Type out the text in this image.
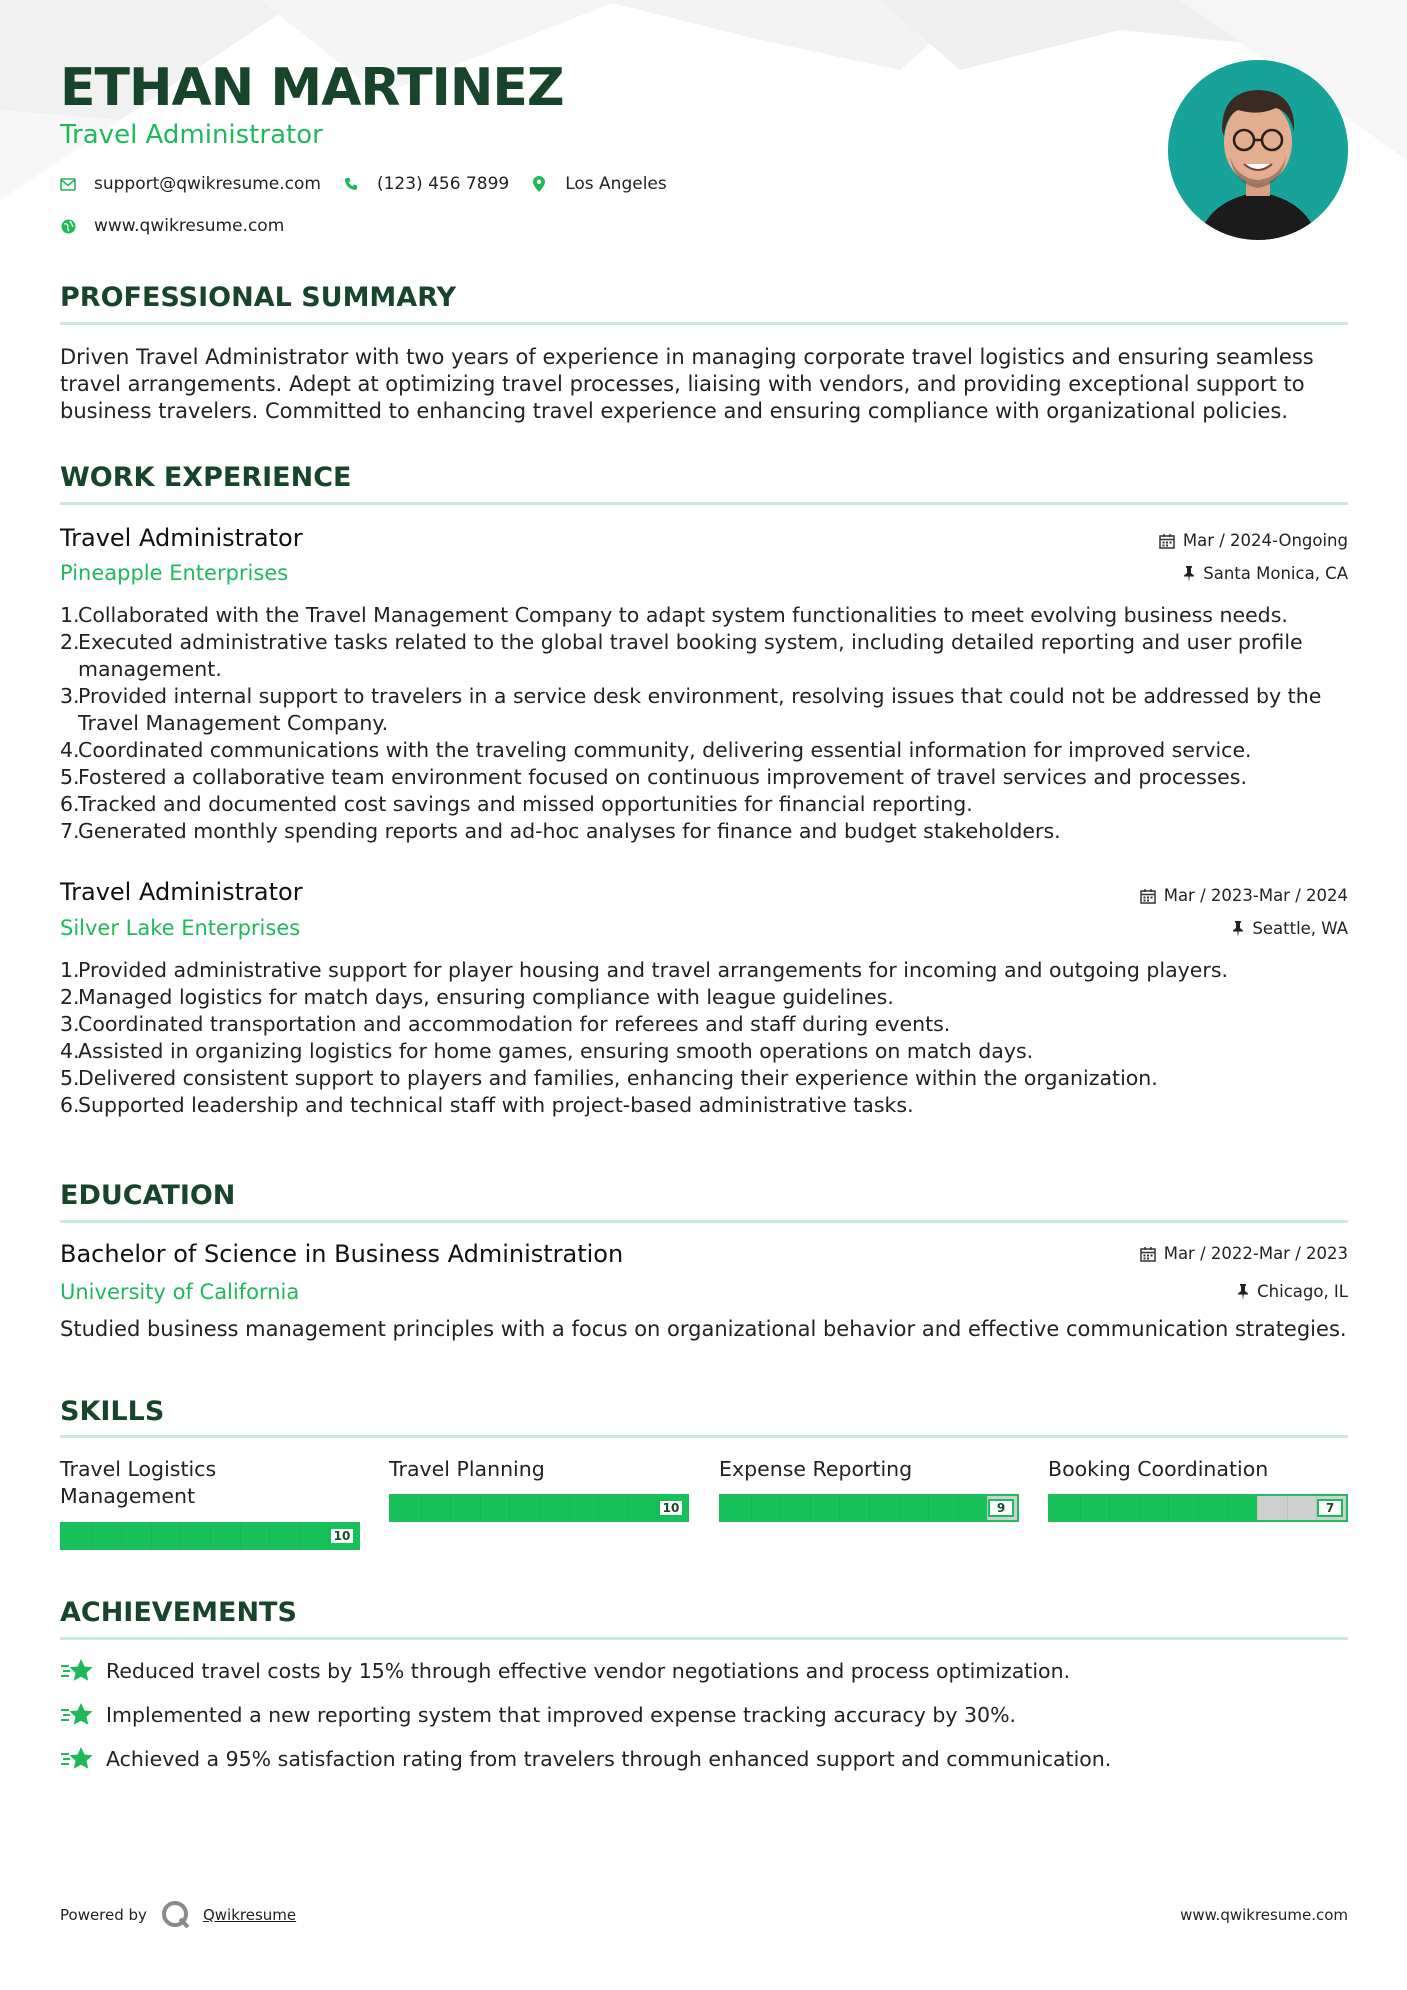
ETHAN MARTINEZ
Travel Administrator
support@qwikresume.com	(123) 456 7899	Los Angeles
www.qwikresume.com
PROFESSIONAL SUMMARY
Driven Travel Administrator with two years of experience in managing corporate travel logistics and ensuring seamless
travel arrangements. Adept at optimizing travel processes, liaising with vendors, and providing exceptional support to
business travelers. Committed to enhancing travel experience and ensuring compliance with organizational policies.
WORK EXPERIENCE
Travel Administrator
Pineapple Enterprises
Mar / 2024-Ongoing
Santa Monica, CA
1.
Collaborated with the Travel Management Company to adapt system functionalities to meet evolving business needs.
2.
Executed administrative tasks related to the global travel booking system, including detailed reporting and user profile
management.
3.
Provided internal support to travelers in a service desk environment, resolving issues that could not be addressed by the
Travel Management Company.
4.
Coordinated communications with the traveling community, delivering essential information for improved service.
5.
Fostered a collaborative team environment focused on continuous improvement of travel services and processes.
6.
Tracked and documented cost savings and missed opportunities for financial reporting.
7.
Generated monthly spending reports and ad-hoc analyses for finance and budget stakeholders.
Travel Administrator
Silver Lake Enterprises
Mar / 2023-Mar / 2024
Seattle, WA
1.
Provided administrative support for player housing and travel arrangements for incoming and outgoing players.
2.
Managed logistics for match days, ensuring compliance with league guidelines.
3.
Coordinated transportation and accommodation for referees and staff during events.
4.
Assisted in organizing logistics for home games, ensuring smooth operations on match days.
5.
Delivered consistent support to players and families, enhancing their experience within the organization.
6.
Supported leadership and technical staff with project-based administrative tasks.
EDUCATION
Bachelor of Science in Business Administration
University of California
Mar / 2022-Mar / 2023
Chicago, IL
Studied business management principles with a focus on organizational behavior and effective communication strategies.
SKILLS
Travel Logistics
Management
10
Travel Planning
10
Expense Reporting
9
Booking Coordination
7
ACHIEVEMENTS
Reduced travel costs by 15% through effective vendor negotiations and process optimization.
Implemented a new reporting system that improved expense tracking accuracy by 30%.
Achieved a 95% satisfaction rating from travelers through enhanced support and communication.
Powered by	Qwikresume	www.qwikresume.com
